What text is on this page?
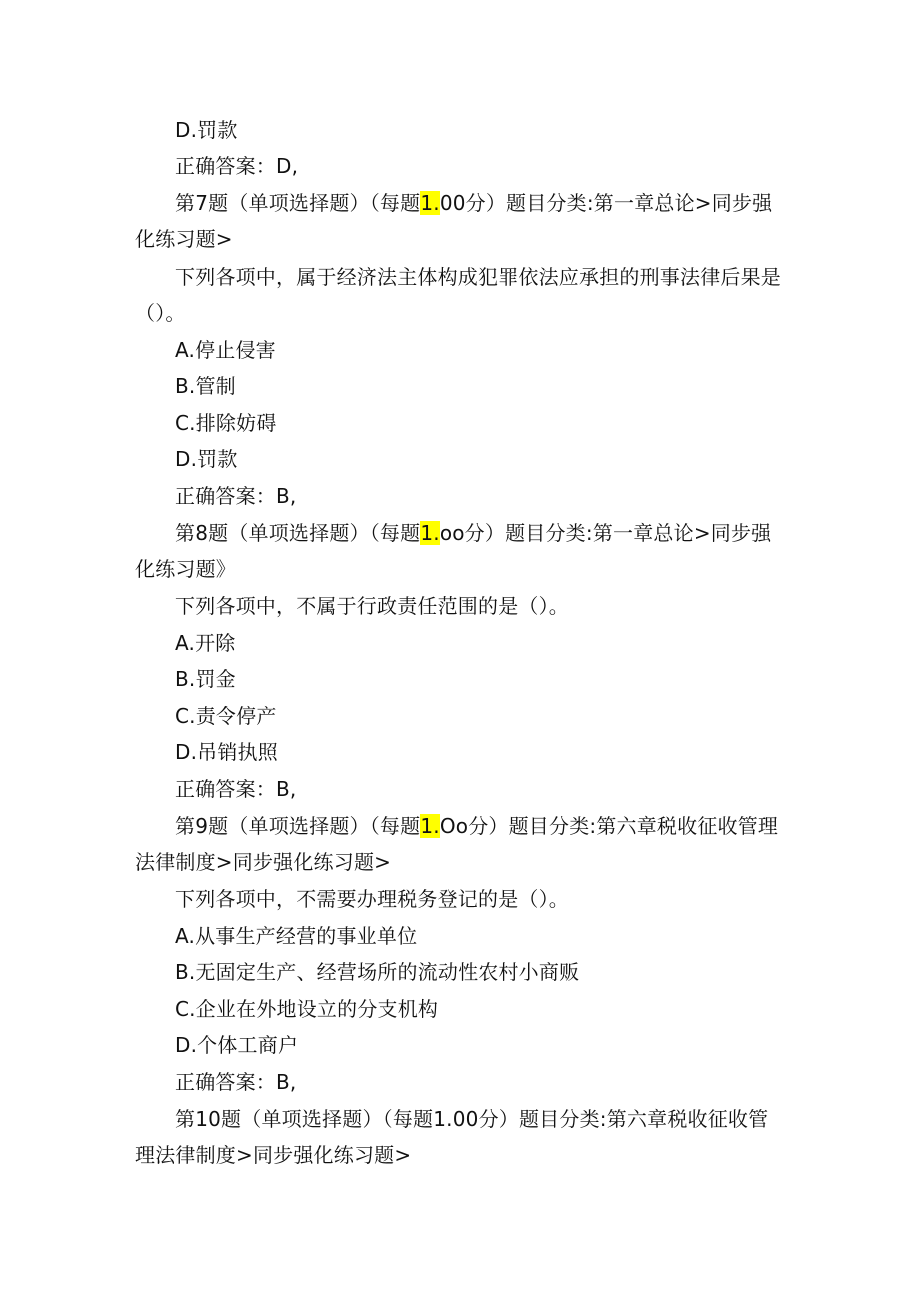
D.罚款
正确答案：D,
第7题（单项选择题）（每题1.00分）题目分类:第一章总论>同步强
化练习题>
下列各项中，属于经济法主体构成犯罪依法应承担的刑事法律后果是
（）。
A.停止侵害
B.管制
C.排除妨碍
D.罚款
正确答案：B,
第8题（单项选择题）（每题1.oo分）题目分类:第一章总论>同步强
化练习题》
下列各项中，不属于行政责任范围的是（）。
A.开除
B.罚金
C.责令停产
D.吊销执照
正确答案：B,
第9题（单项选择题）（每题1.Oo分）题目分类:第六章税收征收管理
法律制度>同步强化练习题>
下列各项中，不需要办理税务登记的是（）。
A.从事生产经营的事业单位
B.无固定生产、经营场所的流动性农村小商贩
C.企业在外地设立的分支机构
D.个体工商户
正确答案：B,
第10题（单项选择题）（每题1.00分）题目分类:第六章税收征收管
理法律制度>同步强化练习题>
